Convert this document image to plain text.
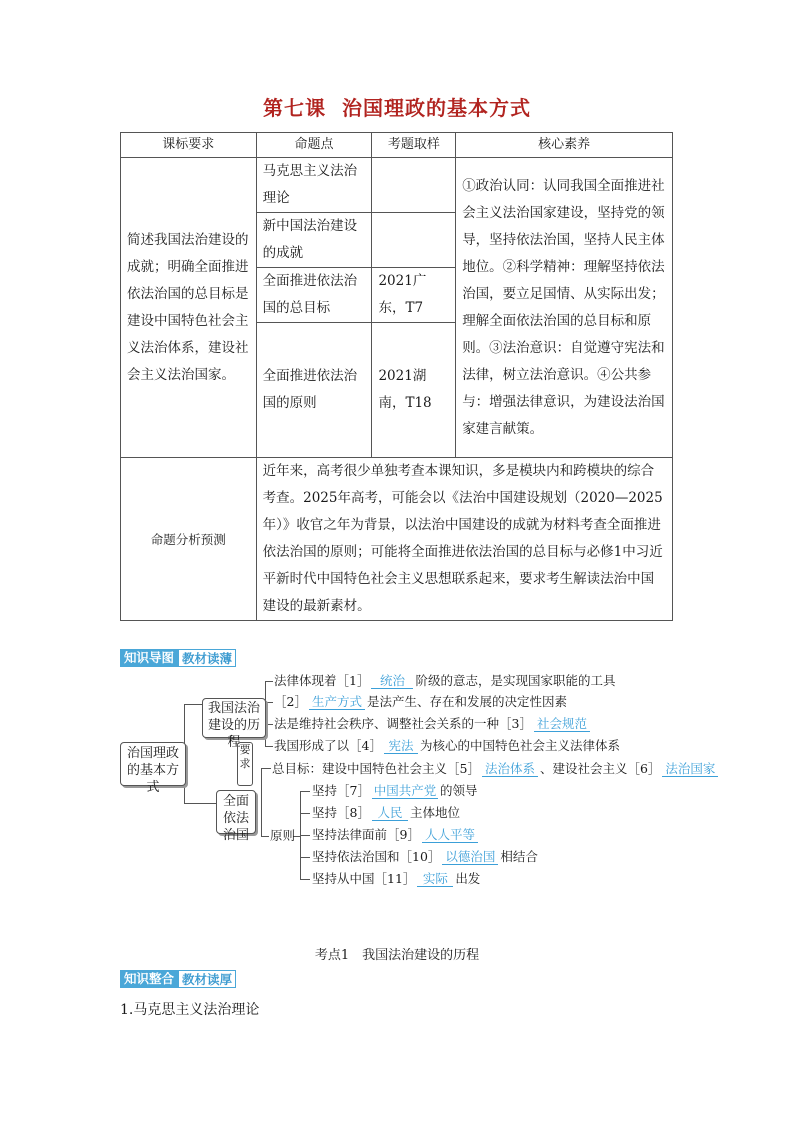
第七课 治国理政的基本方式
课标要求	命题点	考题取样	核心素养
简述我国法治建设的成就；明确全面推进依法治国的总目标是建设中国特色社会主义法治体系，建设社会主义法治国家。	马克思主义法治理论		①政治认同：认同我国全面推进社会主义法治国家建设，坚持党的领导，坚持依法治国，坚持人民主体地位。②科学精神：理解坚持依法治国，要立足国情、从实际出发；理解全面依法治国的总目标和原则。③法治意识：自觉遵守宪法和法律，树立法治意识。④公共参与：增强法律意识，为建设法治国家建言献策。
	新中国法治建设的成就		
	全面推进依法治国的总目标	2021广东，T7	
	全面推进依法治国的原则	2021湖南，T18	
命题分析预测	近年来，高考很少单独考查本课知识，多是模块内和跨模块的综合考查。2025年高考，可能会以《法治中国建设规划（2020—2025年）》收官之年为背景，以法治中国建设的成就为材料考查全面推进依法治国的原则；可能将全面推进依法治国的总目标与必修1中习近平新时代中国特色社会主义思想联系起来，要求考生解读法治中国建设的最新素材。		
知识导图 教材读薄
治国理政的基本方式
我国法治建设的历程
全面依法治国
要求
原则
法律体现着［1］ 统治 阶级的意志，是实现国家职能的工具
［2］ 生产方式 是法产生、存在和发展的决定性因素
法是维持社会秩序、调整社会关系的一种［3］ 社会规范
我国形成了以［4］ 宪法 为核心的中国特色社会主义法律体系
总目标：建设中国特色社会主义［5］ 法治体系 、建设社会主义［6］ 法治国家
坚持［7］ 中国共产党 的领导
坚持［8］ 人民 主体地位
坚持法律面前［9］ 人人平等
坚持依法治国和［10］ 以德治国 相结合
坚持从中国［11］ 实际 出发
考点1　我国法治建设的历程
知识整合 教材读厚
1.马克思主义法治理论
